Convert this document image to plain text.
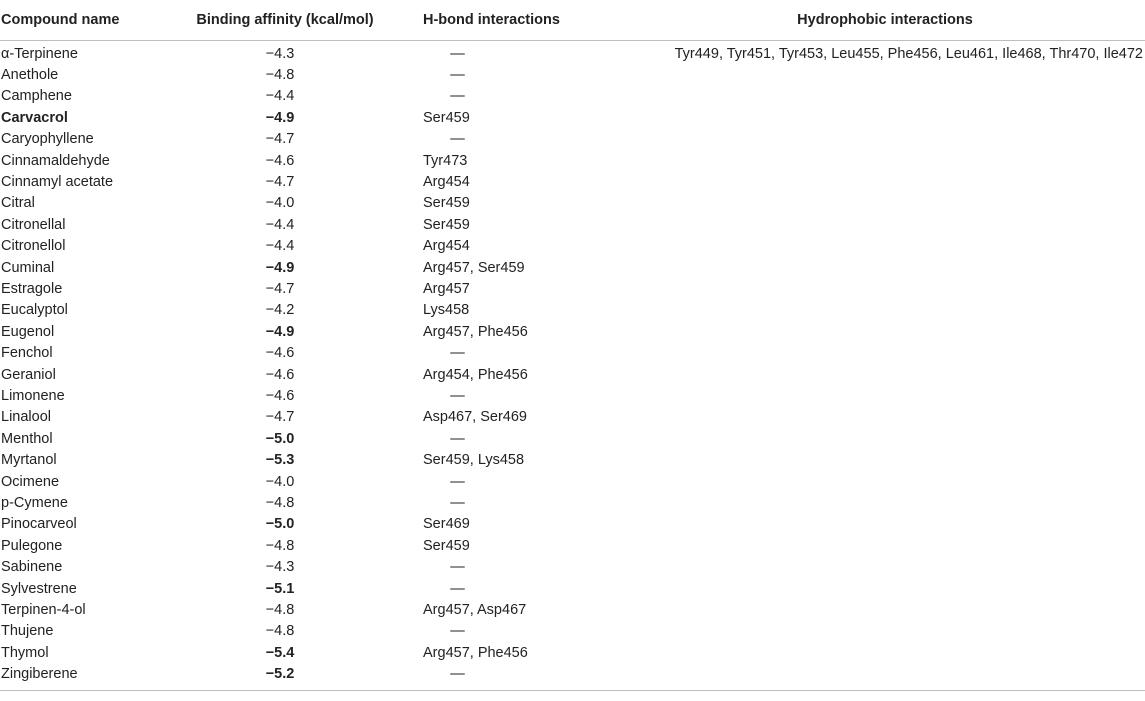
Compound name	Binding affinity (kcal/mol)	H-bond interactions	Hydrophobic interactions
α-Terpinene	−4.3	—	Tyr449, Tyr451, Tyr453, Leu455, Phe456, Leu461, Ile468, Thr470, Ile472
Anethole	−4.8	—	
Camphene	−4.4	—	
Carvacrol	−4.9	Ser459	
Caryophyllene	−4.7	—	
Cinnamaldehyde	−4.6	Tyr473	
Cinnamyl acetate	−4.7	Arg454	
Citral	−4.0	Ser459	
Citronellal	−4.4	Ser459	
Citronellol	−4.4	Arg454	
Cuminal	−4.9	Arg457, Ser459	
Estragole	−4.7	Arg457	
Eucalyptol	−4.2	Lys458	
Eugenol	−4.9	Arg457, Phe456	
Fenchol	−4.6	—	
Geraniol	−4.6	Arg454, Phe456	
Limonene	−4.6	—	
Linalool	−4.7	Asp467, Ser469	
Menthol	−5.0	—	
Myrtanol	−5.3	Ser459, Lys458	
Ocimene	−4.0	—	
p-Cymene	−4.8	—	
Pinocarveol	−5.0	Ser469	
Pulegone	−4.8	Ser459	
Sabinene	−4.3	—	
Sylvestrene	−5.1	—	
Terpinen-4-ol	−4.8	Arg457, Asp467	
Thujene	−4.8	—	
Thymol	−5.4	Arg457, Phe456	
Zingiberene	−5.2	—	
